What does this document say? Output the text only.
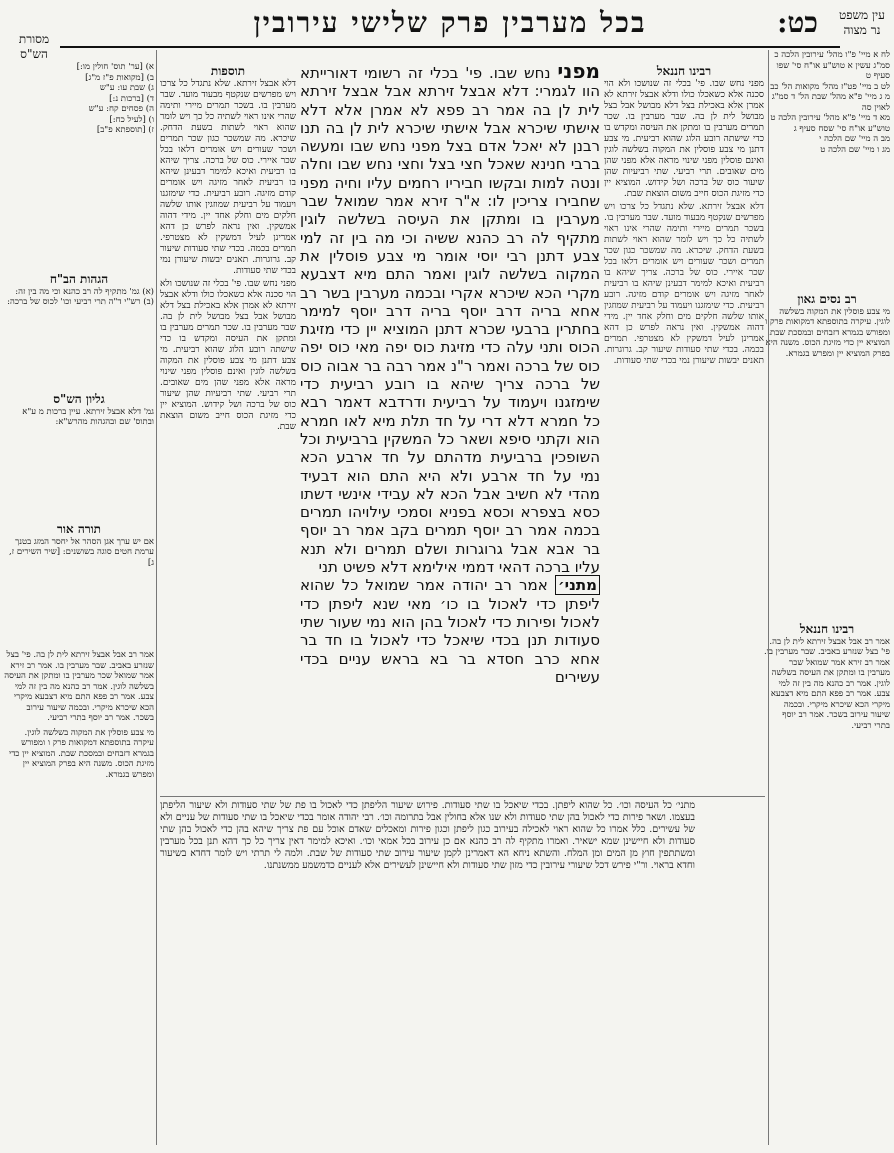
כט:
בכל מערבין פרק שלישי עירובין	עין משפט
נר מצוה
מסורת
הש"ס
מפני נחש שבו. פי' בכלי זה רשומי דאורייתא הוו לגמרי: דלא אבצל זירתא אבל אבצל זירתא לית לן בה אמר רב פפא לא אמרן אלא דלא אישתי שיכרא אבל אישתי שיכרא לית לן בה תנו רבנן לא יאכל אדם בצל מפני נחש שבו ומעשה ברבי חנינא שאכל חצי בצל וחצי נחש שבו וחלה ונטה למות ובקשו חביריו רחמים עליו וחיה מפני שחבירו צריכין לו: א"ר זירא אמר שמואל שבר מערבין בו ומתקן את העיסה בשלשה לוגין מתקיף לה רב כהנא ששיה וכי מה בין זה למי צבע דתנן רבי יוסי אומר מי צבע פוסלין את המקוה בשלשה לוגין ואמר התם מיא דצבעא מקרי הכא שיכרא אקרי ובכמה מערבין בשר רב אחא בריה דרב יוסף בריה דרב יוסף למימר בחתרין ברבעי שכרא דתנן המוציא יין כדי מזיגת הכוס ותני עלה כדי מזיגת כוס יפה מאי כוס יפה כוס של ברכה ואמר ר"נ אמר רבה בר אבוה כוס של ברכה צריך שיהא בו רובע רביעית כדי שימזגנו ויעמוד על רביעית ודרדבא דאמר רבא כל חמרא דלא דרי על חד תלת מיא לאו חמרא הוא וקתני סיפא ושאר כל המשקין ברביעית וכל השופכין ברביעית מדהתם על חד ארבע הכא נמי על חד ארבע ולא היא התם הוא דבעיד מהדי לא חשיב אבל הכא לא עבידי אינשי דשתו כסא בצפרא וכסא בפניא וסמכי עילויהו תמרים בכמה אמר רב יוסף תמרים בקב אמר רב יוסף בר אבא אבל גרוגרות ושלם תמרים ולא תנא עליו ברכה דהאי דממי אילימא דלא פשיט תני
מתני׳ אמר רב יהודה אמר שמואל כל שהוא ליפתן כדי לאכול בו כו׳ מאי שנא ליפתן כדי לאכול ופירות כדי לאכול בהן הוא נמי שעור שתי סעודות תנן בכדי שיאכל כדי לאכול בו חד בר אחא כרב חסדא בר בא בראש עניים בכדי עשירים
רבינו חננאל

מפני נחש שבו. פי' בכלי זה שנושכו ולא הוי סכנה אלא כשאכלו כולו ודלא אבצל זירתא לא אמרן אלא באכילת בצל דלא מבושל אבל בצל מבושל לית לן בה. שבר מערבין בו. שכר תמרים מערבין בו ומתקן את העיסה ומקדש בו כדי שישתה רובע הלוג שהוא רביעית. מי צבע דתנן מי צבע פוסלין את המקוה בשלשה לוגין ואינם פוסלין מפני שינוי מראה אלא מפני שהן מים שאובים. תרי רביעי. שתי רביעיות שהן שיעור כוס של ברכה ושל קידוש. המוציא יין כדי מזיגת הכוס חייב משום הוצאת שבת.

דלא אבצל זירתא. שלא נתגדל כל צרכו ויש מפרשים שנקטף מבעוד מועד. שבר מערבין בו. בשכר תמרים מיירי ותימה שהרי אינו ראוי לשתיה כל כך ויש לומר שהוא ראוי לשתות בשעת הדחק. שיכרא. מה שמשכר כגון שכר תמרים ושכר שעורים ויש אומרים דלאו בכל שכר איירי. כוס של ברכה. צריך שיהא בו רביעית ואיכא למימר דבעינן שיהא בו רביעית לאחר מזיגה ויש אומרים קודם מזיגה. רובע רביעית. כדי שימזגנו ויעמוד על רביעית שמוזגין אותו שלשה חלקים מים וחלק אחד יין. מידי דהוה אמשקין. ואין נראה לפרש כן דהא אמרינן לעיל דמשקין לא מצטרפי. תמרים בכמה. בכדי שתי סעודות שיעור קב. גרוגרות. תאנים יבשות שיעורן נמי בכדי שתי סעודות.

תוספות

דלא אבצל זירתא. שלא נתגדל כל צרכו ויש מפרשים שנקטף מבעוד מועד. שבר מערבין בו. בשכר תמרים מיירי ותימה שהרי אינו ראוי לשתיה כל כך ויש לומר שהוא ראוי לשתות בשעת הדחק. שיכרא. מה שמשכר כגון שכר תמרים ושכר שעורים ויש אומרים דלאו בכל שכר איירי. כוס של ברכה. צריך שיהא בו רביעית ואיכא למימר דבעינן שיהא בו רביעית לאחר מזיגה ויש אומרים קודם מזיגה. רובע רביעית. כדי שימזגנו ויעמוד על רביעית שמוזגין אותו שלשה חלקים מים וחלק אחד יין. מידי דהוה אמשקין. ואין נראה לפרש כן דהא אמרינן לעיל דמשקין לא מצטרפי. תמרים בכמה. בכדי שתי סעודות שיעור קב. גרוגרות. תאנים יבשות שיעורן נמי בכדי שתי סעודות.

מפני נחש שבו. פי' בכלי זה שנושכו ולא הוי סכנה אלא כשאכלו כולו ודלא אבצל זירתא לא אמרן אלא באכילת בצל דלא מבושל אבל בצל מבושל לית לן בה. שבר מערבין בו. שכר תמרים מערבין בו ומתקן את העיסה ומקדש בו כדי שישתה רובע הלוג שהוא רביעית. מי צבע דתנן מי צבע פוסלין את המקוה בשלשה לוגין ואינם פוסלין מפני שינוי מראה אלא מפני שהן מים שאובים. תרי רביעי. שתי רביעיות שהן שיעור כוס של ברכה ושל קידוש. המוציא יין כדי מזיגת הכוס חייב משום הוצאת שבת.

לח א מיי' פ"ו מהל' עירובין הלכה כ סמ"ג עשין א טוש"ע או"ח סי' שפו סעיף ט
לט ב מיי' פט"ז מהל' מקואות הל' כב
מ ג מיי' פ"א מהל' שבת הל' ד סמ"ג לאוין סה
מא ד מיי' פ"א מהל' עירובין הלכה ט טוש"ע או"ח סי' שסח סעיף ג
מב ה מיי' שם הלכה י
מג ו מיי' שם הלכה ט
רב נסים גאון
מי צבע פוסלין את המקוה בשלשה לוגין. עיקרה בתוספתא דמקואות פרק ו ומפורש בגמרא דזבחים ובמסכת שבת. המוציא יין כדי מזיגת הכוס. משנה היא בפרק המוציא יין ומפרש בגמרא.
רבינו חננאל
אמר רב אבל אבצל זירתא לית לן בה. פי' בצל שנזרע באביב. שבר מערבין בו. אמר רב זירא אמר שמואל שכר מערבין בו ומתקן את העיסה בשלשה לוגין. אמר רב כהנא מה בין זה למי צבע. אמר רב פפא התם מיא דצבעא מיקרי הכא שיכרא מיקרי. ובכמה שיעור עירוב בשכר. אמר רב יוסף בתרי רביעי.
א) [ער' תוס' חולין מו:]
ב) [מקואות פ"ז מ"ג]
ג) שבת עו: ע"ש
ד) [ברכות נ:]
ה) פסחים קח: ע"ש
ו) [לעיל כח:]
ז) [תוספתא פ"ב]
הגהות הב"ח
(א) גמ' מתקיף לה רב כהנא וכי מה בין זה: (ב) רש"י ד"ה תרי רביעי וכו' לכוס של ברכה:
גליון הש"ס
גמ' דלא אבצל זירתא. עיין ברכות מ ע"א ובתוס' שם ובהגהות מהרש"א:
תורה אור
אם יש ערך אגן הסהר אל יחסר המזג בטנך ערמת חטים סוגה בשושנים: [שיר השירים ז, ג]
אמר רב אבל אבצל זירתא לית לן בה. פי' בצל שנזרע באביב. שבר מערבין בו. אמר רב זירא אמר שמואל שכר מערבין בו ומתקן את העיסה בשלשה לוגין. אמר רב כהנא מה בין זה למי צבע. אמר רב פפא התם מיא דצבעא מיקרי הכא שיכרא מיקרי. ובכמה שיעור עירוב בשכר. אמר רב יוסף בתרי רביעי.
מי צבע פוסלין את המקוה בשלשה לוגין. עיקרה בתוספתא דמקואות פרק ו ומפורש בגמרא דזבחים ובמסכת שבת. המוציא יין כדי מזיגת הכוס. משנה היא בפרק המוציא יין ומפרש בגמרא.
מתני׳ כל העיסה וכו׳. כל שהוא ליפתן. בכדי שיאכל בו שתי סעודות. פירוש שיעור הליפתן כדי לאכול בו פת של שתי סעודות ולא שיעור הליפתן בעצמו. ושאר פירות כדי לאכול בהן שתי סעודות ולא שנו אלא בחולין אבל בתרומה וכו׳. רבי יהודה אומר בכדי שיאכל בו שתי סעודות של עניים ולא של עשירים. כלל אמרו כל שהוא ראוי לאכילה בעירוב כגון ליפתן וכגון פירות ומאכלים שאדם אוכל עם פת צריך שיהא בהן כדי לאכול בהן שתי סעודות ולא חיישינן שמא ישאיר. ואמרו מתקיף לה רב כהנא אם כן עירוב בכל אמאי וכו׳. ואיכא למימר דאין צריך כל כך דהא תנן בכל מערבין ומשתתפין חוץ מן המים ומן המלח. והשתא ניחא הא דאמרינן לקמן שיעור עירוב שתי סעודות של שבת. ולמה לי תרתי ויש לומר דחדא בשיעור וחדא בראוי. ור"י פירש דכל שיעורי עירובין כדי מזון שתי סעודות ולא חיישינן לעשירים אלא לעניים כדמשמע ממשנתנו.
